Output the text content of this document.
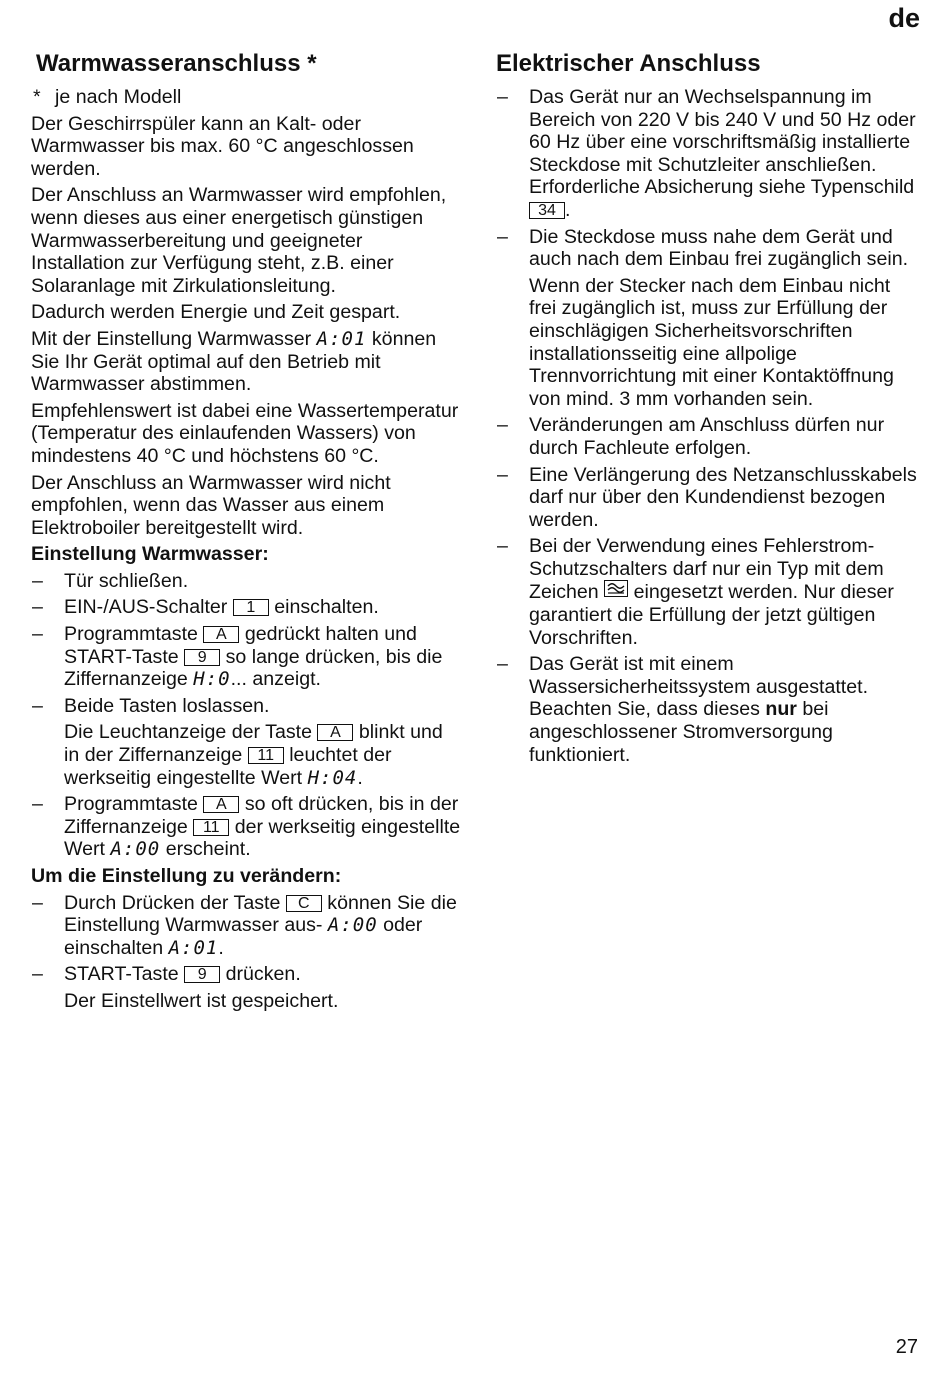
de
Warmwasseranschluss *
* je nach Modell

Der Geschirrspüler kann an Kalt- oder Warmwasser bis max. 60 °C angeschlossen werden.

Der Anschluss an Warmwasser wird empfohlen, wenn dieses aus einer energetisch günstigen Warmwasserbereitung und geeigneter Installation zur Verfügung steht, z.B. einer Solaranlage mit Zirkulationsleitung.

Dadurch werden Energie und Zeit gespart.

Mit der Einstellung Warmwasser A:01 können Sie Ihr Gerät optimal auf den Betrieb mit Warmwasser abstimmen.

Empfehlenswert ist dabei eine Wassertemperatur (Temperatur des einlaufenden Wassers) von mindestens 40 °C und höchstens 60 °C.

Der Anschluss an Warmwasser wird nicht empfohlen, wenn das Wasser aus einem Elektroboiler bereitgestellt wird.

Einstellung Warmwasser:

– Tür schließen.
– EIN-/AUS-Schalter 1 einschalten.
– Programmtaste A gedrückt halten und START-Taste 9 so lange drücken, bis die Ziffernanzeige H:0... anzeigt.

– Beide Tasten loslassen.

Die Leuchtanzeige der Taste A blinkt und in der Ziffernanzeige 11 leuchtet der werkseitig eingestellte Wert H:04.

– Programmtaste A so oft drücken, bis in der Ziffernanzeige 11 der werkseitig eingestellte Wert A:00 erscheint.

Um die Einstellung zu verändern:

– Durch Drücken der Taste C können Sie die Einstellung Warmwasser aus- A:00 oder einschalten A:01.

– START-Taste 9 drücken.

Der Einstellwert ist gespeichert.

Elektrischer Anschluss
– Das Gerät nur an Wechselspannung im Bereich von 220 V bis 240 V und 50 Hz oder 60 Hz über eine vorschriftsmäßig installierte Steckdose mit Schutzleiter anschließen. Erforderliche Absicherung siehe Typenschild 34 .

– Die Steckdose muss nahe dem Gerät und auch nach dem Einbau frei zugänglich sein.

Wenn der Stecker nach dem Einbau nicht frei zugänglich ist, muss zur Erfüllung der einschlägigen Sicherheitsvorschriften installationsseitig eine allpolige Trennvorrichtung mit einer Kontaktöffnung von mind. 3 mm vorhanden sein.

– Veränderungen am Anschluss dürfen nur durch Fachleute erfolgen.
– Eine Verlängerung des Netzanschlusskabels darf nur über den Kundendienst bezogen werden.
– Bei der Verwendung eines Fehlerstrom-Schutzschalters darf nur ein Typ mit dem Zeichen eingesetzt werden. Nur dieser garantiert die Erfüllung der jetzt gültigen Vorschriften.
– Das Gerät ist mit einem Wassersicherheitssystem ausgestattet. Beachten Sie, dass dieses nur bei angeschlossener Stromversorgung funktioniert.
27
